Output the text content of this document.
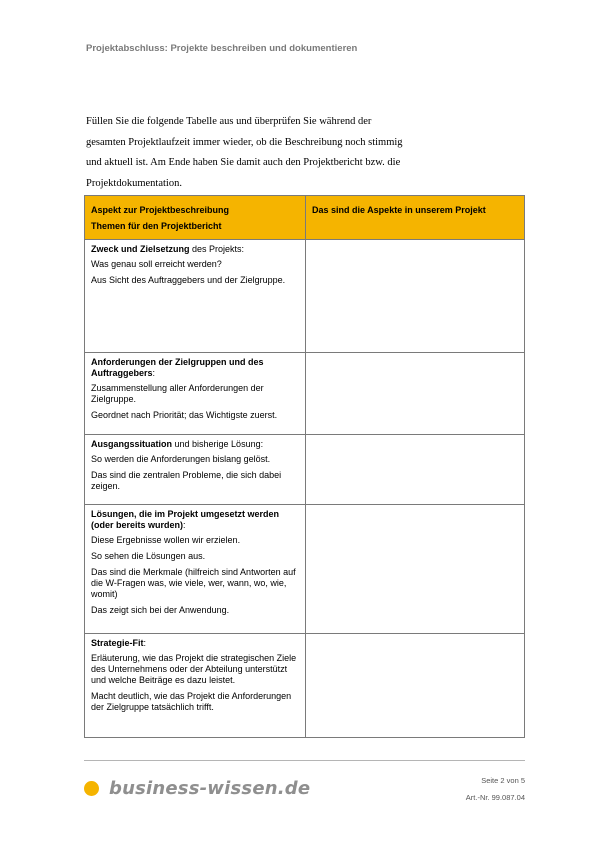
Projektabschluss: Projekte beschreiben und dokumentieren
Füllen Sie die folgende Tabelle aus und überprüfen Sie während der
gesamten Projektlaufzeit immer wieder, ob die Beschreibung noch stimmig
und aktuell ist. Am Ende haben Sie damit auch den Projektbericht bzw. die
Projektdokumentation.
Aspekt zur Projektbeschreibung
Themen für den Projektbericht	Das sind die Aspekte in unserem Projekt

Zweck und Zielsetzung des Projekts:
Was genau soll erreicht werden?
Aus Sicht des Auftraggebers und der Zielgruppe.	

Anforderungen der Zielgruppen und des Auftraggebers:
Zusammenstellung aller Anforderungen der Zielgruppe.
Geordnet nach Priorität; das Wichtigste zuerst.	

Ausgangssituation und bisherige Lösung:
So werden die Anforderungen bislang gelöst.
Das sind die zentralen Probleme, die sich dabei zeigen.	

Lösungen, die im Projekt umgesetzt werden (oder bereits wurden):
Diese Ergebnisse wollen wir erzielen.
So sehen die Lösungen aus.
Das sind die Merkmale (hilfreich sind Antworten auf die W-Fragen was, wie viele, wer, wann, wo, wie, womit)
Das zeigt sich bei der Anwendung.	

Strategie-Fit:
Erläuterung, wie das Projekt die strategischen Ziele des Unternehmens oder der Abteilung unterstützt und welche Beiträge es dazu leistet.
Macht deutlich, wie das Projekt die Anforderungen der Zielgruppe tatsächlich trifft.	

business-wissen.de	Seite 2 von 5
Art.-Nr. 99.087.04
